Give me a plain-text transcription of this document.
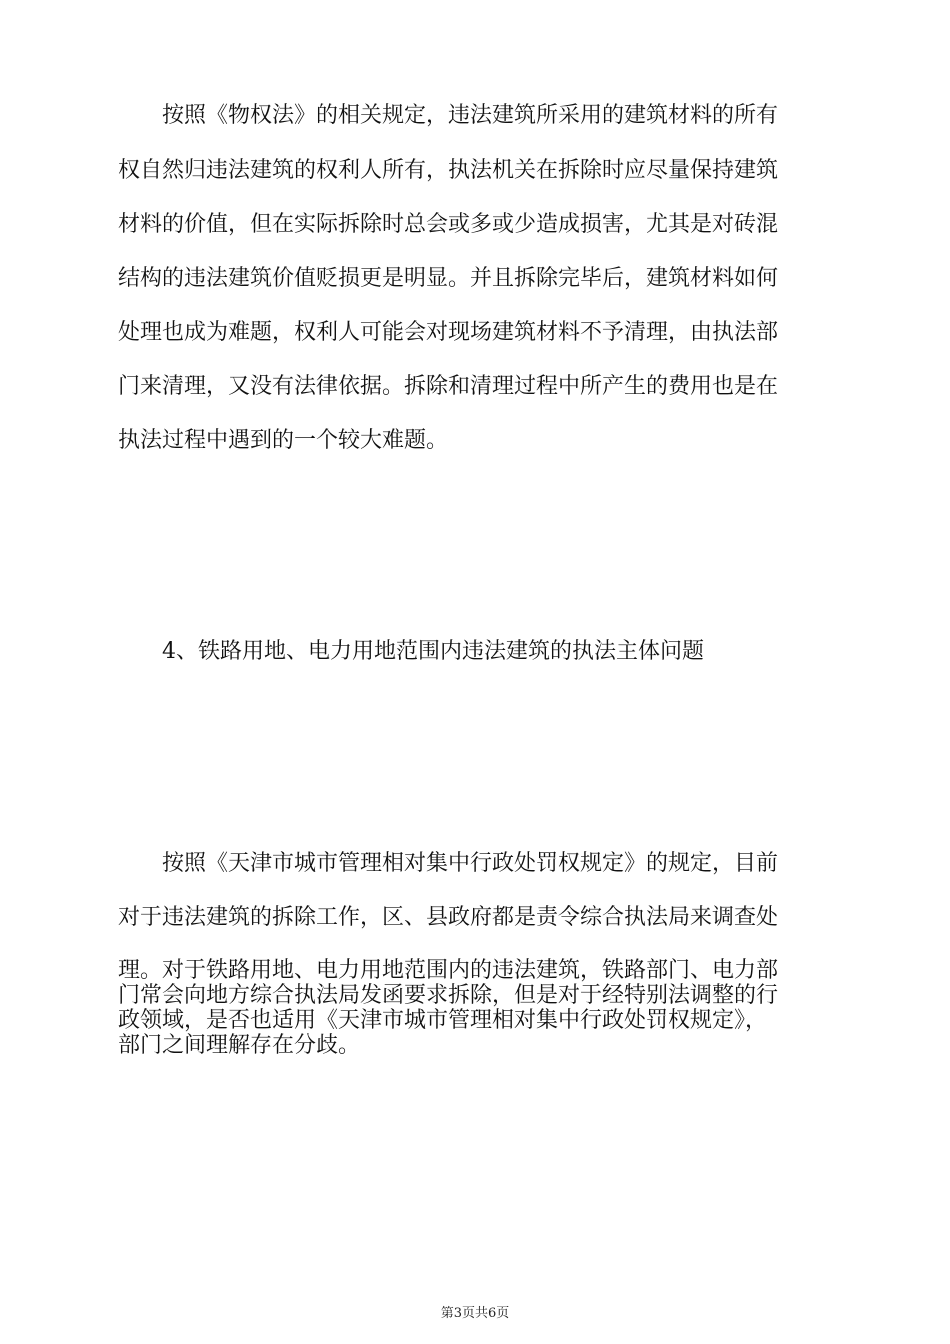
　　按照《物权法》的相关规定，违法建筑所采用的建筑材料的所有

权自然归违法建筑的权利人所有，执法机关在拆除时应尽量保持建筑

材料的价值，但在实际拆除时总会或多或少造成损害，尤其是对砖混

结构的违法建筑价值贬损更是明显。并且拆除完毕后，建筑材料如何

处理也成为难题，权利人可能会对现场建筑材料不予清理，由执法部

门来清理，又没有法律依据。拆除和清理过程中所产生的费用也是在

执法过程中遇到的一个较大难题。

　　4、铁路用地、电力用地范围内违法建筑的执法主体问题

　　按照《天津市城市管理相对集中行政处罚权规定》的规定，目前

对于违法建筑的拆除工作，区、县政府都是责令综合执法局来调查处

理。对于铁路用地、电力用地范围内的违法建筑，铁路部门、电力部

门常会向地方综合执法局发函要求拆除，但是对于经特别法调整的行

政领域，是否也适用《天津市城市管理相对集中行政处罚权规定》，

部门之间理解存在分歧。

第3页共6页
